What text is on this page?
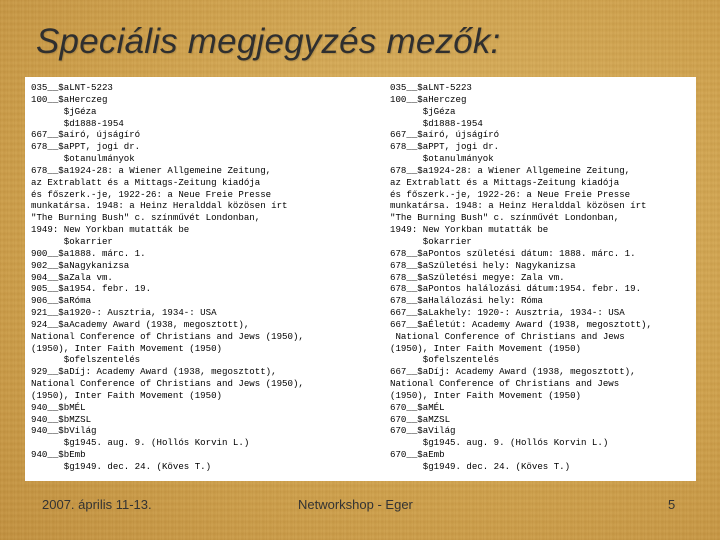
Speciális megjegyzés mezők:
035__$aLNT-5223
100__$aHerczeg
$jGéza
$d1888-1954
667__$aíró, újságíró
678__$aPPT, jogi dr.
$otanulmányok
678__$a1924-28: a Wiener Allgemeine Zeitung,
az Extrablatt és a Mittags-Zeitung kiadója
és főszerk.-je, 1922-26: a Neue Freie Presse
munkatársa. 1948: a Heinz Heralddal közösen írt
"The Burning Bush" c. színművét Londonban,
1949: New Yorkban mutatták be
$okarrier
900__$a1888. márc. 1.
902__$aNagykanizsa
904__$aZala vm.
905__$a1954. febr. 19.
906__$aRóma
921__$a1920-: Ausztria, 1934-: USA
924__$aAcademy Award (1938, megosztott),
National Conference of Christians and Jews (1950),
(1950), Inter Faith Movement (1950)
$ofelszentelés
929__$aDíj: Academy Award (1938, megosztott),
National Conference of Christians and Jews (1950),
(1950), Inter Faith Movement (1950)
940__$bMÉL
940__$bMZSL
940__$bVilág
$g1945. aug. 9. (Hollós Korvin L.)
940__$bEmb
$g1949. dec. 24. (Köves T.)
035__$aLNT-5223
100__$aHerczeg
$jGéza
$d1888-1954
667__$aíró, újságíró
678__$aPPT, jogi dr.
$otanulmányok
678__$a1924-28: a Wiener Allgemeine Zeitung,
az Extrablatt és a Mittags-Zeitung kiadója
és főszerk.-je, 1922-26: a Neue Freie Presse
munkatársa. 1948: a Heinz Heralddal közösen írt
"The Burning Bush" c. színművét Londonban,
1949: New Yorkban mutatták be
$okarrier
678__$aPontos születési dátum: 1888. márc. 1.
678__$aSzületési hely: Nagykanizsa
678__$aSzületési megye: Zala vm.
678__$aPontos halálozási dátum:1954. febr. 19.
678__$aHalálozási hely: Róma
667__$aLakhely: 1920-: Ausztria, 1934-: USA
667__$aÉletút: Academy Award (1938, megosztott),
National Conference of Christians and Jews
(1950), Inter Faith Movement (1950)
$ofelszentelés
667__$aDíj: Academy Award (1938, megosztott),
National Conference of Christians and Jews
(1950), Inter Faith Movement (1950)
670__$aMÉL
670__$aMZSL
670__$aVilág
$g1945. aug. 9. (Hollós Korvin L.)
670__$aEmb
$g1949. dec. 24. (Köves T.)
2007. április 11-13.	Networkshop - Eger	5
